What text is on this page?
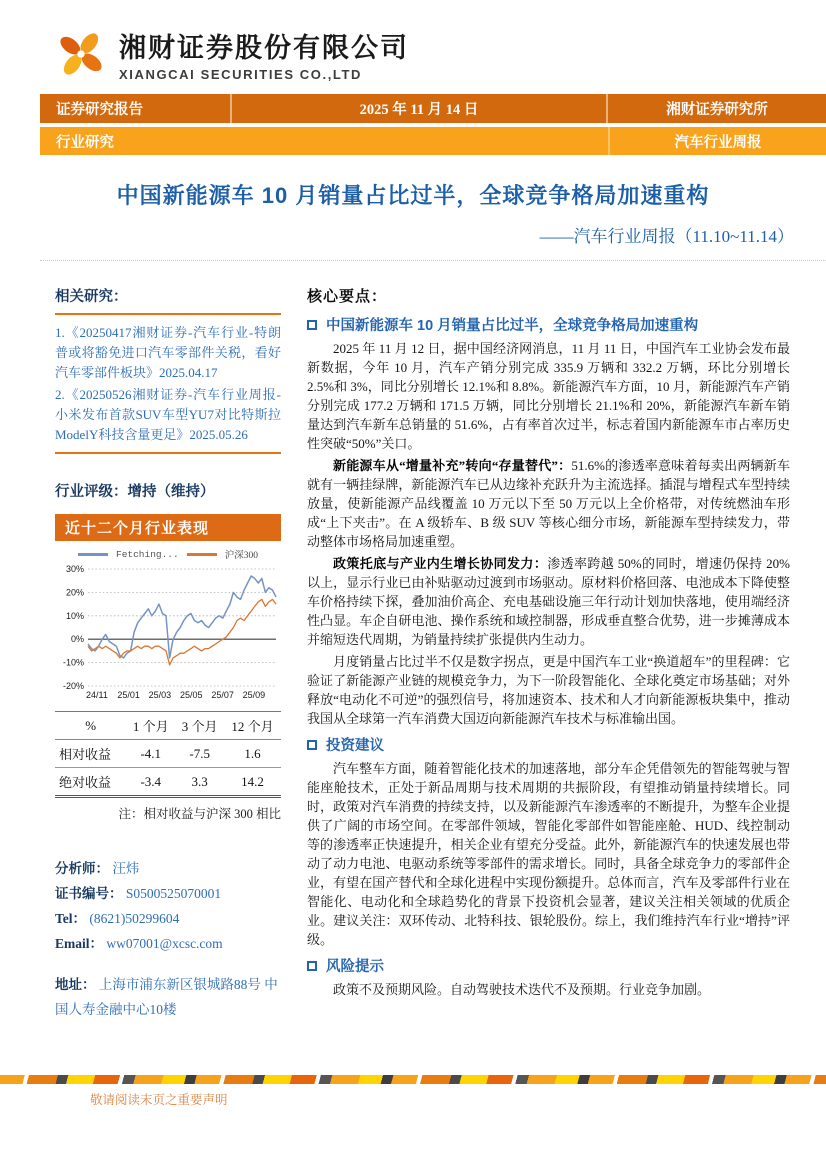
湘财证券股份有限公司
XIANGCAI SECURITIES CO.,LTD
证券研究报告	2025 年 11 月 14 日	湘财证券研究所
行业研究	汽车行业周报
中国新能源车 10 月销量占比过半，全球竞争格局加速重构
——汽车行业周报（11.10~11.14）
相关研究：
1.《20250417湘财证券-汽车行业-特朗普或将豁免进口汽车零部件关税，看好汽车零部件板块》2025.04.17
2.《20250526湘财证券-汽车行业周报-小米发布首款SUV车型YU7对比特斯拉ModelY科技含量更足》2025.05.26
行业评级：增持（维持）
近十二个月行业表现
Fetching...	沪深300
30%
20%
10%
0%
-10%
-20%
24/11 25/01 25/03 25/05 25/07 25/09
%	1 个月	3 个月	12 个月
相对收益	-4.1	-7.5	1.6
绝对收益	-3.4	3.3	14.2
注：相对收益与沪深 300 相比
分析师： 汪炜
证书编号： S0500525070001
Tel： (8621)50299604
Email： ww07001@xcsc.com
地址： 上海市浦东新区银城路88号 中国人寿金融中心10楼
核心要点：
中国新能源车 10 月销量占比过半，全球竞争格局加速重构

2025 年 11 月 12 日，据中国经济网消息，11 月 11 日，中国汽车工业协会发布最新数据，今年 10 月，汽车产销分别完成 335.9 万辆和 332.2 万辆，环比分别增长 2.5%和 3%，同比分别增长 12.1%和 8.8%。新能源汽车方面，10 月，新能源汽车产销分别完成 177.2 万辆和 171.5 万辆，同比分别增长 21.1%和 20%，新能源汽车新车销量达到汽车新车总销量的 51.6%，占有率首次过半，标志着国内新能源车市占率历史性突破“50%”关口。

新能源车从“增量补充”转向“存量替代”：51.6%的渗透率意味着每卖出两辆新车就有一辆挂绿牌，新能源汽车已从边缘补充跃升为主流选择。插混与增程式车型持续放量，使新能源产品线覆盖 10 万元以下至 50 万元以上全价格带，对传统燃油车形成“上下夹击”。在 A 级轿车、B 级 SUV 等核心细分市场，新能源车型持续发力，带动整体市场格局加速重塑。

政策托底与产业内生增长协同发力：渗透率跨越 50%的同时，增速仍保持 20%以上，显示行业已由补贴驱动过渡到市场驱动。原材料价格回落、电池成本下降使整车价格持续下探，叠加油价高企、充电基础设施三年行动计划加快落地，使用端经济性凸显。车企自研电池、操作系统和域控制器，形成垂直整合优势，进一步摊薄成本并缩短迭代周期，为销量持续扩张提供内生动力。

月度销量占比过半不仅是数字拐点，更是中国汽车工业“换道超车”的里程碑：它验证了新能源产业链的规模竞争力，为下一阶段智能化、全球化奠定市场基础；对外释放“电动化不可逆”的强烈信号，将加速资本、技术和人才向新能源板块集中，推动我国从全球第一汽车消费大国迈向新能源汽车技术与标准输出国。

投资建议

汽车整车方面，随着智能化技术的加速落地，部分车企凭借领先的智能驾驶与智能座舱技术，正处于新品周期与技术周期的共振阶段，有望推动销量持续增长。同时，政策对汽车消费的持续支持，以及新能源汽车渗透率的不断提升，为整车企业提供了广阔的市场空间。在零部件领域，智能化零部件如智能座舱、HUD、线控制动等的渗透率正快速提升，相关企业有望充分受益。此外，新能源汽车的快速发展也带动了动力电池、电驱动系统等零部件的需求增长。同时，具备全球竞争力的零部件企业，有望在国产替代和全球化进程中实现份额提升。总体而言，汽车及零部件行业在智能化、电动化和全球趋势化的背景下投资机会显著，建议关注相关领域的优质企业。建议关注：双环传动、北特科技、银轮股份。综上，我们维持汽车行业“增持”评级。

风险提示

政策不及预期风险。自动驾驶技术迭代不及预期。行业竞争加剧。

敬请阅读末页之重要声明
